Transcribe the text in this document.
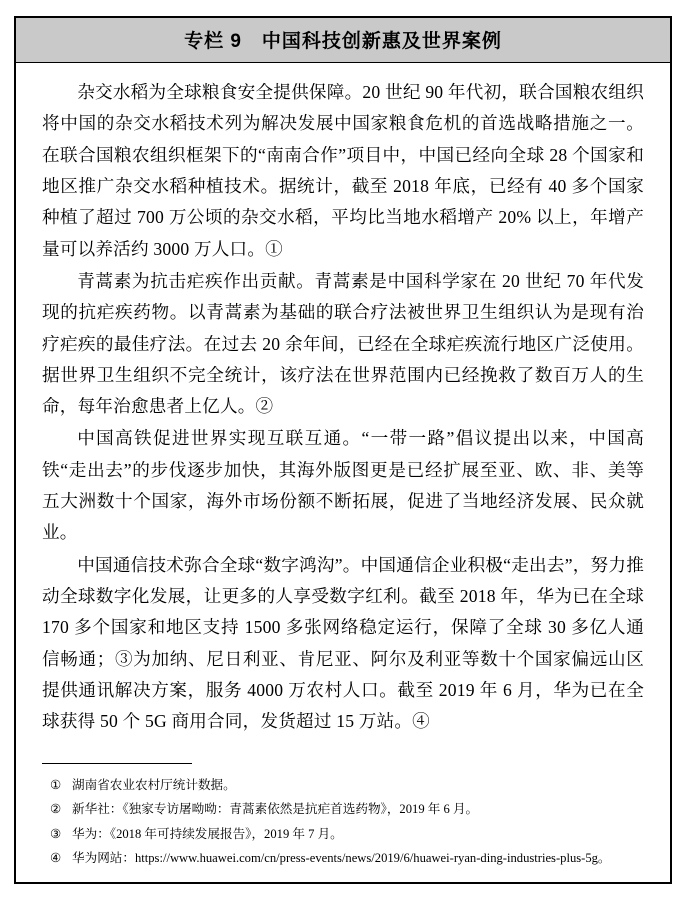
专栏 9　中国科技创新惠及世界案例

杂交水稻为全球粮食安全提供保障。20 世纪 90 年代初，联合国粮农组织将中国的杂交水稻技术列为解决发展中国家粮食危机的首选战略措施之一。在联合国粮农组织框架下的“南南合作”项目中，中国已经向全球 28 个国家和地区推广杂交水稻种植技术。据统计，截至 2018 年底，已经有 40 多个国家种植了超过 700 万公顷的杂交水稻，平均比当地水稻增产 20% 以上，年增产量可以养活约 3000 万人口。①

青蒿素为抗击疟疾作出贡献。青蒿素是中国科学家在 20 世纪 70 年代发现的抗疟疾药物。以青蒿素为基础的联合疗法被世界卫生组织认为是现有治疗疟疾的最佳疗法。在过去 20 余年间，已经在全球疟疾流行地区广泛使用。据世界卫生组织不完全统计，该疗法在世界范围内已经挽救了数百万人的生命，每年治愈患者上亿人。②

中国高铁促进世界实现互联互通。“一带一路”倡议提出以来，中国高铁“走出去”的步伐逐步加快，其海外版图更是已经扩展至亚、欧、非、美等五大洲数十个国家，海外市场份额不断拓展，促进了当地经济发展、民众就业。

中国通信技术弥合全球“数字鸿沟”。中国通信企业积极“走出去”，努力推动全球数字化发展，让更多的人享受数字红利。截至 2018 年，华为已在全球 170 多个国家和地区支持 1500 多张网络稳定运行，保障了全球 30 多亿人通信畅通；③为加纳、尼日利亚、肯尼亚、阿尔及利亚等数十个国家偏远山区提供通讯解决方案，服务 4000 万农村人口。截至 2019 年 6 月，华为已在全球获得 50 个 5G 商用合同，发货超过 15 万站。④

① 湖南省农业农村厅统计数据。
② 新华社：《独家专访屠呦呦：青蒿素依然是抗疟首选药物》，2019 年 6 月。
③ 华为：《2018 年可持续发展报告》，2019 年 7 月。
④ 华为网站：https://www.huawei.com/cn/press-events/news/2019/6/huawei-ryan-ding-industries-plus-5g。
